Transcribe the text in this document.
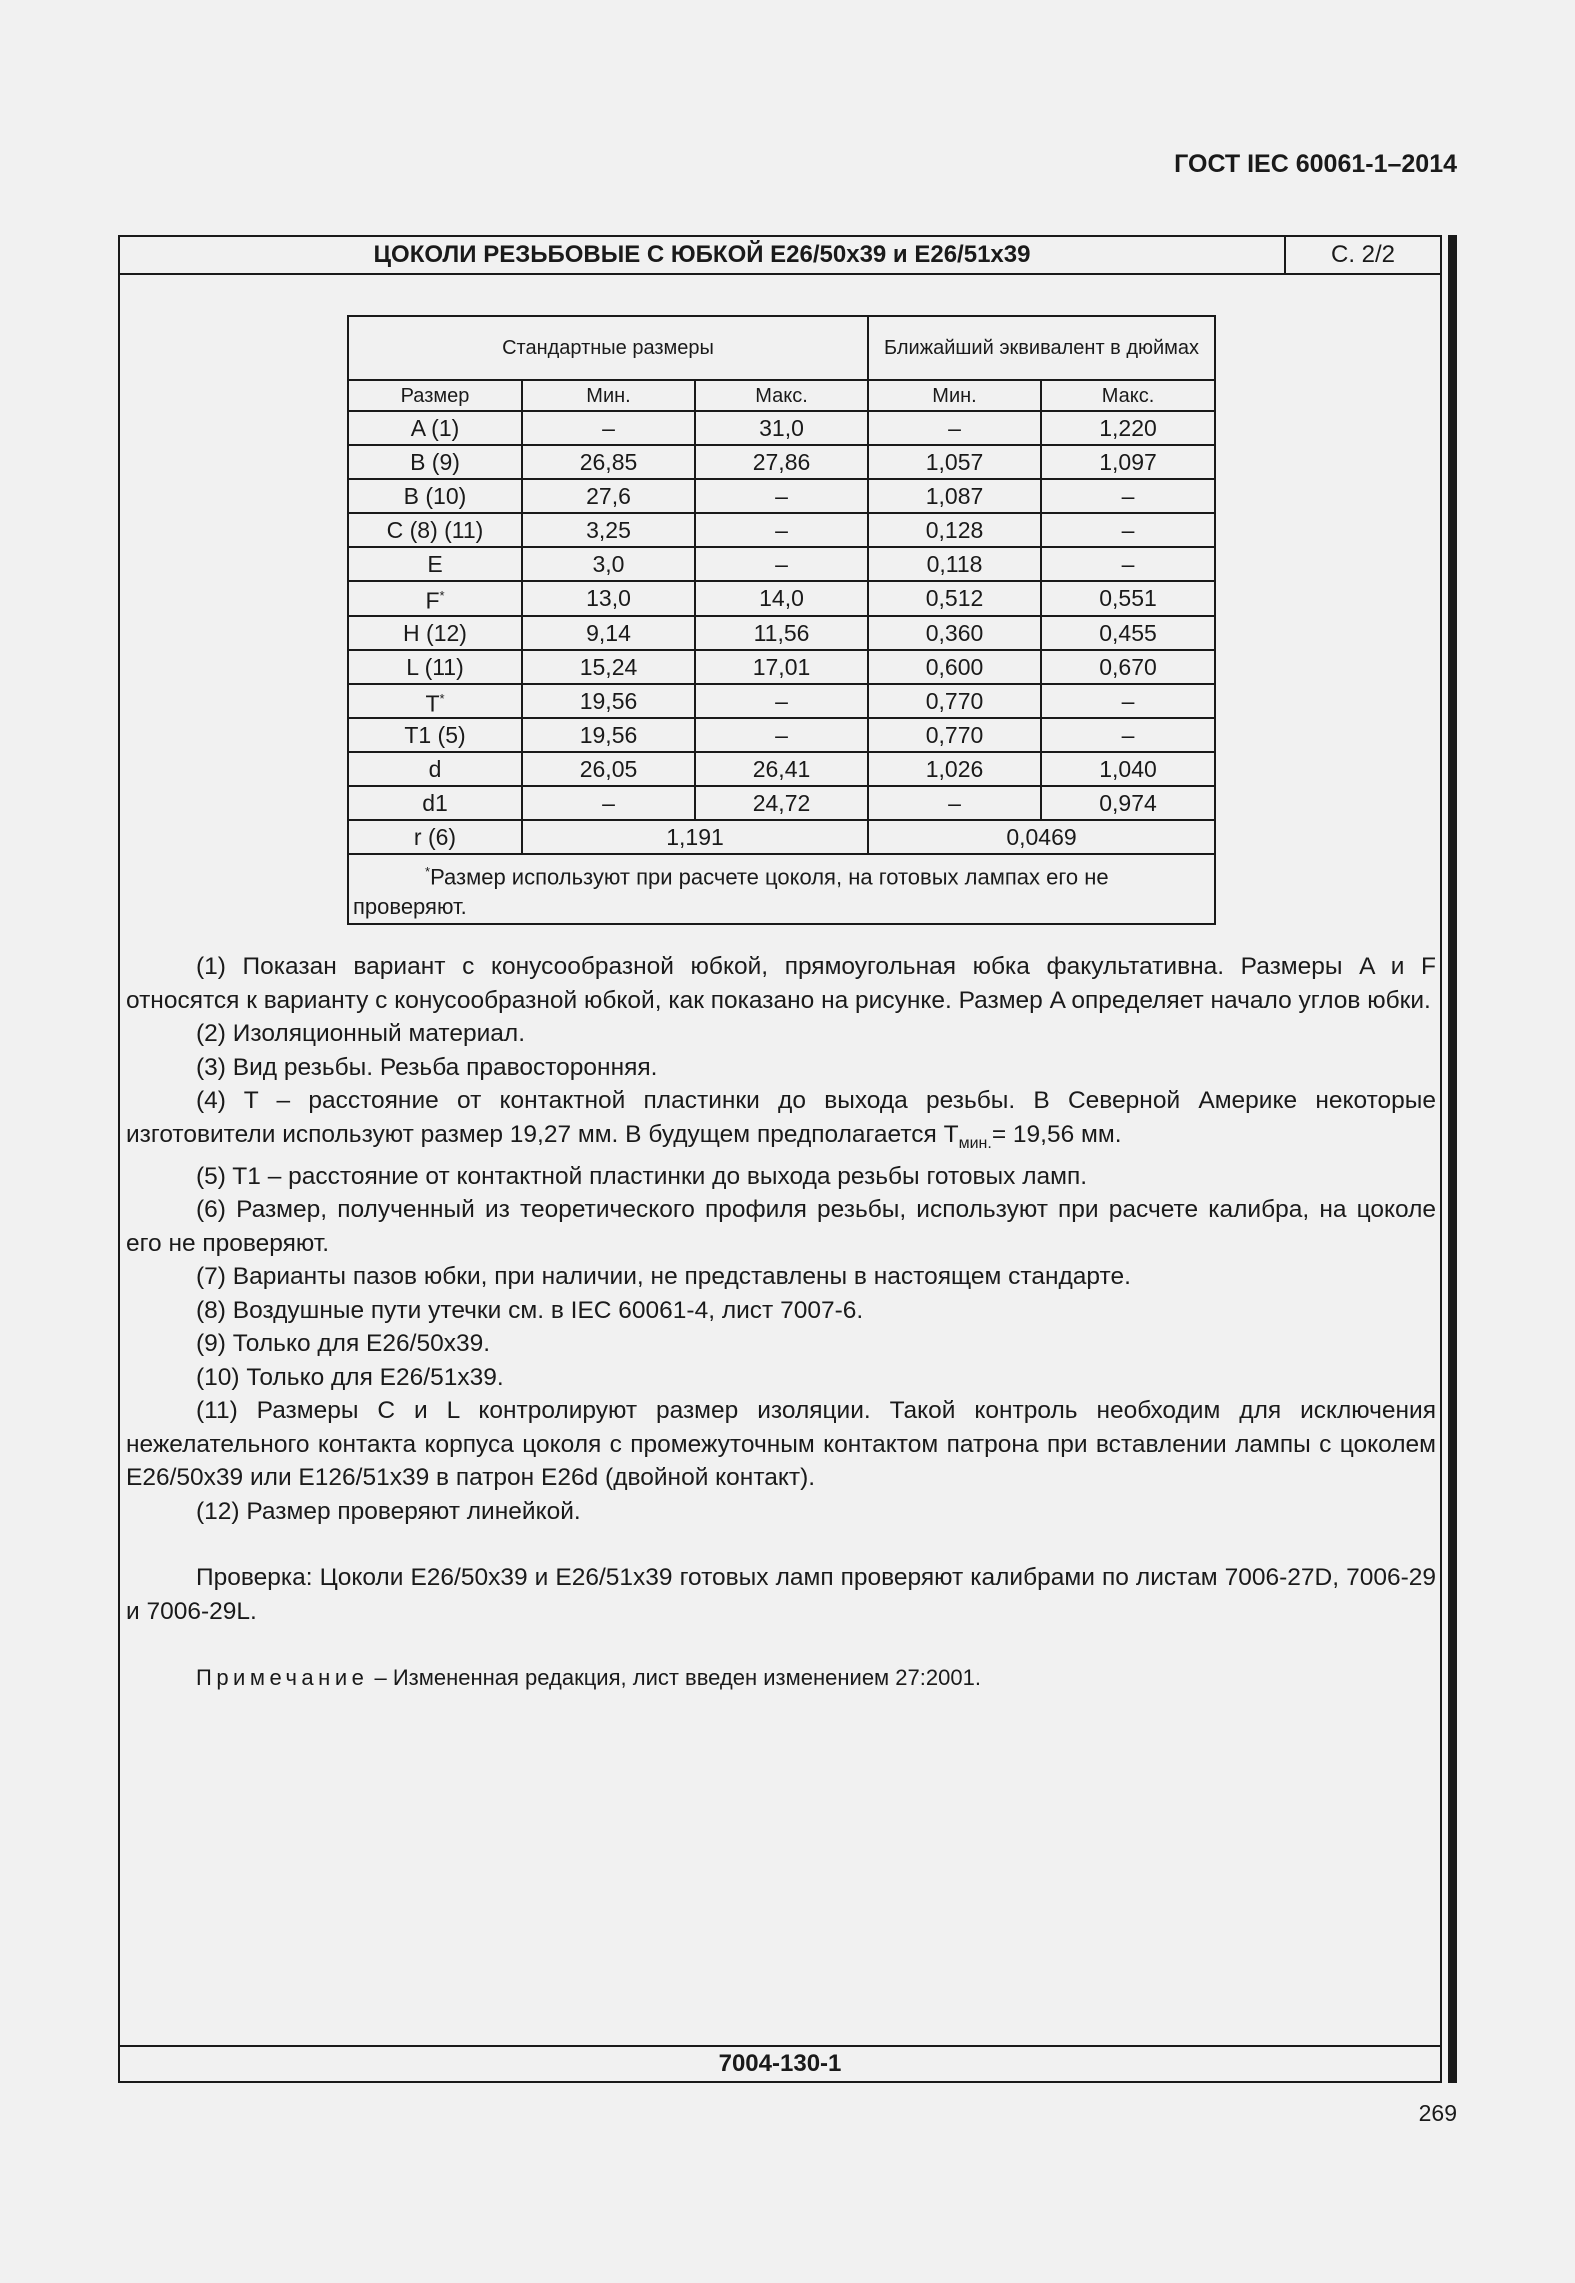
ГОСТ IEC 60061-1–2014
ЦОКОЛИ РЕЗЬБОВЫЕ С ЮБКОЙ E26/50x39 и E26/51x39	С. 2/2
7004-130-1
Стандартные размеры			Ближайший эквивалент в дюймах	
Размер	Мин.	Макс.	Мин.	Макс.
A (1)	–	31,0	–	1,220
B (9)	26,85	27,86	1,057	1,097
B (10)	27,6	–	1,087	–
C (8) (11)	3,25	–	0,128	–
E	3,0	–	0,118	–
F*	13,0	14,0	0,512	0,551
H (12)	9,14	11,56	0,360	0,455
L (11)	15,24	17,01	0,600	0,670
T*	19,56	–	0,770	–
T1 (5)	19,56	–	0,770	–
d	26,05	26,41	1,026	1,040
d1	–	24,72	–	0,974
r (6)	1,191		0,0469	
*Размер используют при расчете цоколя, на готовых лампах его не проверяют.				

(1) Показан вариант с конусообразной юбкой, прямоугольная юбка факультативна. Размеры A и F относятся к варианту с конусообразной юбкой, как показано на рисунке. Размер A определяет начало углов юбки.

(2) Изоляционный материал.

(3) Вид резьбы. Резьба правосторонняя.

(4) T – расстояние от контактной пластинки до выхода резьбы. В Северной Америке некоторые изготовители используют размер 19,27 мм. В будущем предполагается $T_{мин.}= 19,56$ мм.

(5) T1 – расстояние от контактной пластинки до выхода резьбы готовых ламп.

(6) Размер, полученный из теоретического профиля резьбы, используют при расчете калибра, на цоколе его не проверяют.

(7) Варианты пазов юбки, при наличии, не представлены в настоящем стандарте.

(8) Воздушные пути утечки см. в IEC 60061-4, лист 7007-6.

(9) Только для E26/50x39.

(10) Только для E26/51x39.

(11) Размеры C и L контролируют размер изоляции. Такой контроль необходим для исключения нежелательного контакта корпуса цоколя с промежуточным контактом патрона при вставлении лампы с цоколем E26/50x39 или E126/51x39 в патрон E26d (двойной контакт).

(12) Размер проверяют линейкой.

Проверка: Цоколи E26/50x39 и E26/51x39 готовых ламп проверяют калибрами по листам 7006-27D, 7006-29 и 7006-29L.

Примечание – Измененная редакция, лист введен изменением 27:2001.

269
